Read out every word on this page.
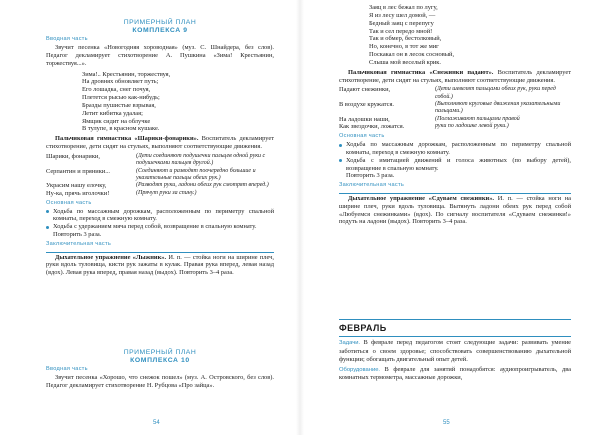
ПРИМЕРНЫЙ ПЛАН
КОМПЛЕКСА 9
Вводная часть

Звучит песенка «Новогодняя хороводная» (муз. С. Шнайдера, без слов). Педагог декламирует стихотворение А. Пушкина «Зима! Крестьянин, торжествуя...».

Зима!.. Крестьянин, торжествуя,
На дровнях обновляет путь;
Его лошадка, снег почуя,
Плетется рысью как-нибудь;
Бразды пушистые взрывая,
Летит кибитка удалая;
Ямщик сидит на облучке
В тулупе, в красном кушаке.

Пальчиковая гимнастика «Шарики-фонарики». Воспитатель декламирует стихотворение, дети сидят на стульях, выполняют соответствующие движения.

Шарики, фонарики,	(Дети соединяют подушечки пальцев одной руки с подушечками пальцев другой.)
Серпантин и пряники...	(Соединяют и разводят поочередно большие и указательные пальцы обеих рук.)
Украсим нашу елочку,	(Разводят руки, ладони обеих рук смотрят вперед.)
Ну-ка, прячь иголочки!	(Прячут руки за спину.)
Основная часть
Ходьба по массажным дорожкам, расположенным по периметру спальной комнаты, переход в смежную комнату.
Ходьба с удержанием мяча перед собой, возвращение в спальную комнату.
Повторить 3 раза.
Заключительная часть

Дыхательное упражнение «Лыжник». И. п. — стойка ноги на ширине плеч, руки вдоль туловища, кисти рук зажаты в кулак. Правая рука вперед, левая назад (вдох). Левая рука вперед, правая назад (выдох). Повторить 3–4 раза.

ПРИМЕРНЫЙ ПЛАН
КОМПЛЕКСА 10
Вводная часть

Звучит песенка «Хорошо, что снежок пошел» (муз. А. Островского, без слов). Педагог декламирует стихотворение Н. Рубцова «Про зайца».

54
Заяц в лес бежал по лугу,
Я из лесу шел домой, —
Бедный заяц с перепугу
Так и сел передо мной!
Так и обмер, бестолковый,
Но, конечно, в тот же миг
Поскакал он в лесок сосновый,
Слыша мой веселый крик.

Пальчиковая гимнастика «Снежинки падают». Воспитатель декламирует стихотворение, дети сидят на стульях, выполняют соответствующие движения.

Падают снежинки,	(Дети шевелят пальцами обеих рук, руки перед собой.)
В воздухе кружатся.	(Выполняют круговые движения указательными пальцами.)
На ладошки наши,	(Поглаживают пальцами правой
Как звездочки, ложатся.	руки по ладошке левой руки.)
Основная часть
Ходьба по массажным дорожкам, расположенным по периметру спальной комнаты, переход в смежную комнату.
Ходьба с имитацией движений и голоса животных (по выбору детей), возвращение в спальную комнату.
Повторить 3 раза.
Заключительная часть

Дыхательное упражнение «Сдуваем снежинки». И. п. — стойка ноги на ширине плеч, руки вдоль туловища. Вытянуть ладони обеих рук перед собой «Любуемся снежинками» (вдох). По сигналу воспитателя «Сдуваем снежинки!» подуть на ладони (выдох). Повторить 3–4 раза.

55
ФЕВРАЛЬ

Задачи. В феврале перед педагогом стоят следующие задачи: развивать умение заботиться о своем здоровье; способствовать совершенствованию дыхательной функции; обогащать двигательный опыт детей.

Оборудование. В феврале для занятий понадобятся: аудиопроигрыватель, два комнатных термометра, массажные дорожки,
